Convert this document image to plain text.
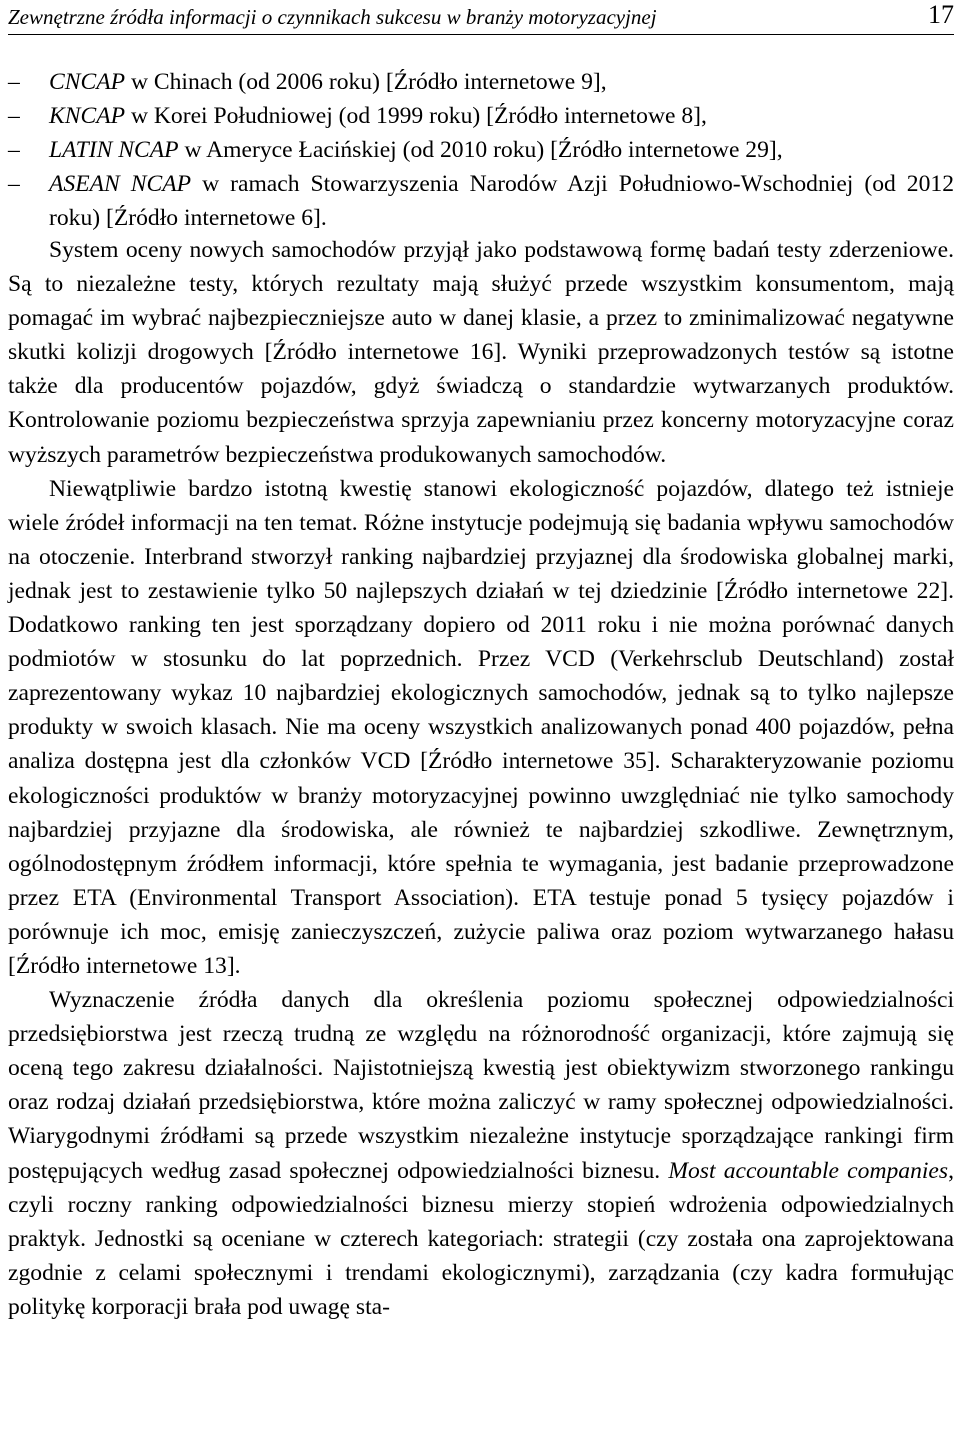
Zewnętrzne źródła informacji o czynnikach sukcesu w branży motoryzacyjnej	17
– CNCAP w Chinach (od 2006 roku) [Źródło internetowe 9],
– KNCAP w Korei Południowej (od 1999 roku) [Źródło internetowe 8],
– LATIN NCAP w Ameryce Łacińskiej (od 2010 roku) [Źródło internetowe 29],
– ASEAN NCAP w ramach Stowarzyszenia Narodów Azji Południowo-Wschodniej (od 2012 roku) [Źródło internetowe 6].

System oceny nowych samochodów przyjął jako podstawową formę badań testy zderzeniowe. Są to niezależne testy, których rezultaty mają służyć przede wszystkim konsumentom, mają pomagać im wybrać najbezpieczniejsze auto w danej klasie, a przez to zminimalizować negatywne skutki kolizji drogowych [Źródło internetowe 16]. Wyniki przeprowadzonych testów są istotne także dla producentów pojazdów, gdyż świadczą o standardzie wytwarzanych produktów. Kontrolowanie poziomu bezpieczeństwa sprzyja zapewnianiu przez koncerny motoryzacyjne coraz wyższych parametrów bezpieczeństwa produkowanych samochodów.

Niewątpliwie bardzo istotną kwestię stanowi ekologiczność pojazdów, dlatego też istnieje wiele źródeł informacji na ten temat. Różne instytucje podejmują się badania wpływu samochodów na otoczenie. Interbrand stworzył ranking najbardziej przyjaznej dla środowiska globalnej marki, jednak jest to zestawienie tylko 50 najlepszych działań w tej dziedzinie [Źródło internetowe 22]. Dodatkowo ranking ten jest sporządzany dopiero od 2011 roku i nie można porównać danych podmiotów w stosunku do lat poprzednich. Przez VCD (Verkehrsclub Deutschland) został zaprezentowany wykaz 10 najbardziej ekologicznych samochodów, jednak są to tylko najlepsze produkty w swoich klasach. Nie ma oceny wszystkich analizowanych ponad 400 pojazdów, pełna analiza dostępna jest dla członków VCD [Źródło internetowe 35]. Scharakteryzowanie poziomu ekologiczności produktów w branży motoryzacyjnej powinno uwzględniać nie tylko samochody najbardziej przyjazne dla środowiska, ale również te najbardziej szkodliwe. Zewnętrznym, ogólnodostępnym źródłem informacji, które spełnia te wymagania, jest badanie przeprowadzone przez ETA (Environmental Transport Association). ETA testuje ponad 5 tysięcy pojazdów i porównuje ich moc, emisję zanieczyszczeń, zużycie paliwa oraz poziom wytwarzanego hałasu [Źródło internetowe 13].

Wyznaczenie źródła danych dla określenia poziomu społecznej odpowiedzialności przedsiębiorstwa jest rzeczą trudną ze względu na różnorodność organizacji, które zajmują się oceną tego zakresu działalności. Najistotniejszą kwestią jest obiektywizm stworzonego rankingu oraz rodzaj działań przedsiębiorstwa, które można zaliczyć w ramy społecznej odpowiedzialności. Wiarygodnymi źródłami są przede wszystkim niezależne instytucje sporządzające rankingi firm postępujących według zasad społecznej odpowiedzialności biznesu. Most accountable companies, czyli roczny ranking odpowiedzialności biznesu mierzy stopień wdrożenia odpowiedzialnych praktyk. Jednostki są oceniane w czterech kategoriach: strategii (czy została ona zaprojektowana zgodnie z celami społecznymi i trendami ekologicznymi), zarządzania (czy kadra formułując politykę korporacji brała pod uwagę sta-
